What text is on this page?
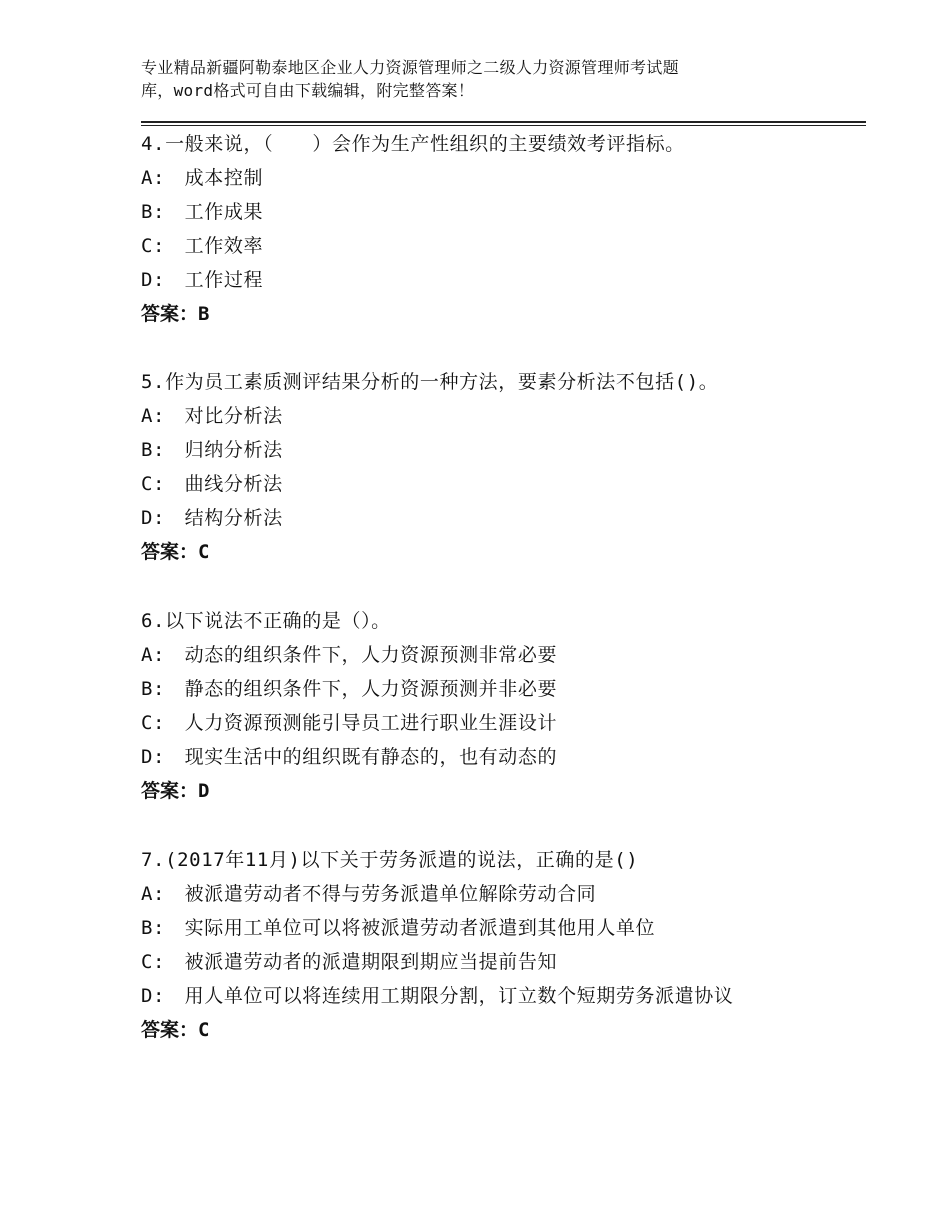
专业精品新疆阿勒泰地区企业人力资源管理师之二级人力资源管理师考试题
库，word格式可自由下载编辑，附完整答案！
4.一般来说，（　　）会作为生产性组织的主要绩效考评指标。
A:　成本控制
B:　工作成果
C:　工作效率
D:　工作过程
答案：B
5.作为员工素质测评结果分析的一种方法，要素分析法不包括()。
A:　对比分析法
B:　归纳分析法
C:　曲线分析法
D:　结构分析法
答案：C
6.以下说法不正确的是（）。
A:　动态的组织条件下，人力资源预测非常必要
B:　静态的组织条件下，人力资源预测并非必要
C:　人力资源预测能引导员工进行职业生涯设计
D:　现实生活中的组织既有静态的，也有动态的
答案：D
7.(2017年11月)以下关于劳务派遣的说法，正确的是()
A:　被派遣劳动者不得与劳务派遣单位解除劳动合同
B:　实际用工单位可以将被派遣劳动者派遣到其他用人单位
C:　被派遣劳动者的派遣期限到期应当提前告知
D:　用人单位可以将连续用工期限分割，订立数个短期劳务派遣协议
答案：C
